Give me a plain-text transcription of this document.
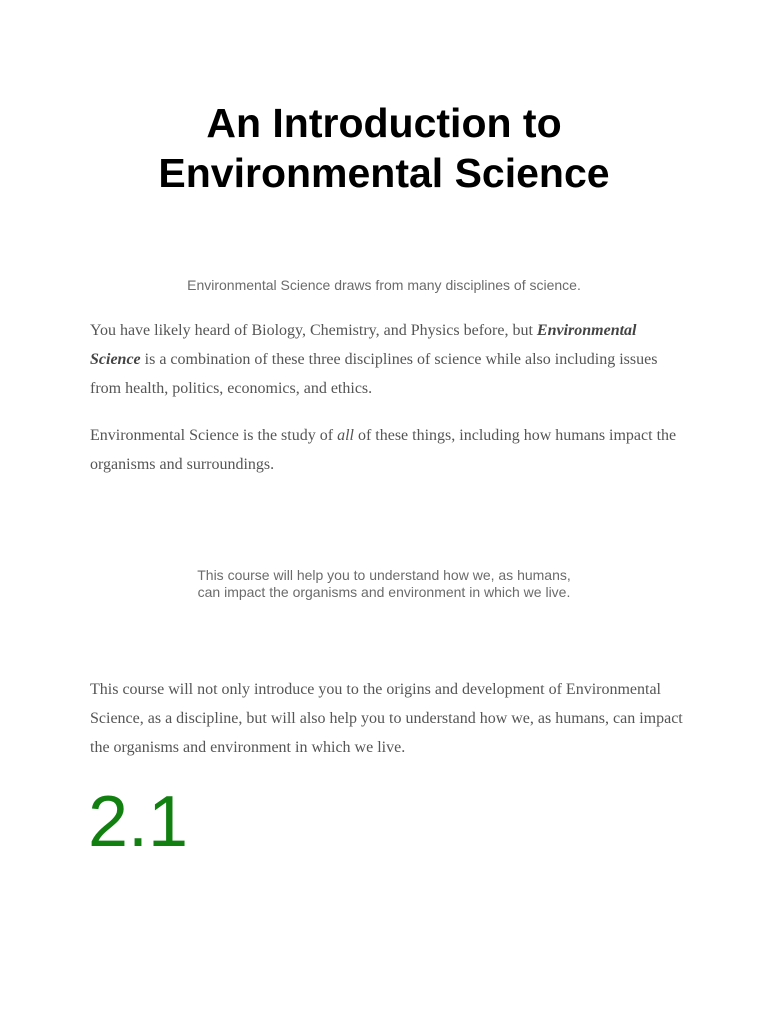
An Introduction to
Environmental Science

Environmental Science draws from many disciplines of science.

You have likely heard of Biology, Chemistry, and Physics before, but Environmental Science is a combination of these three disciplines of science while also including issues from health, politics, economics, and ethics.

Environmental Science is the study of all of these things, including how humans impact the organisms and surroundings.

This course will help you to understand how we, as humans,
can impact the organisms and environment in which we live.

This course will not only introduce you to the origins and development of Environmental Science, as a discipline, but will also help you to understand how we, as humans, can impact the organisms and environment in which we live.

2.1
